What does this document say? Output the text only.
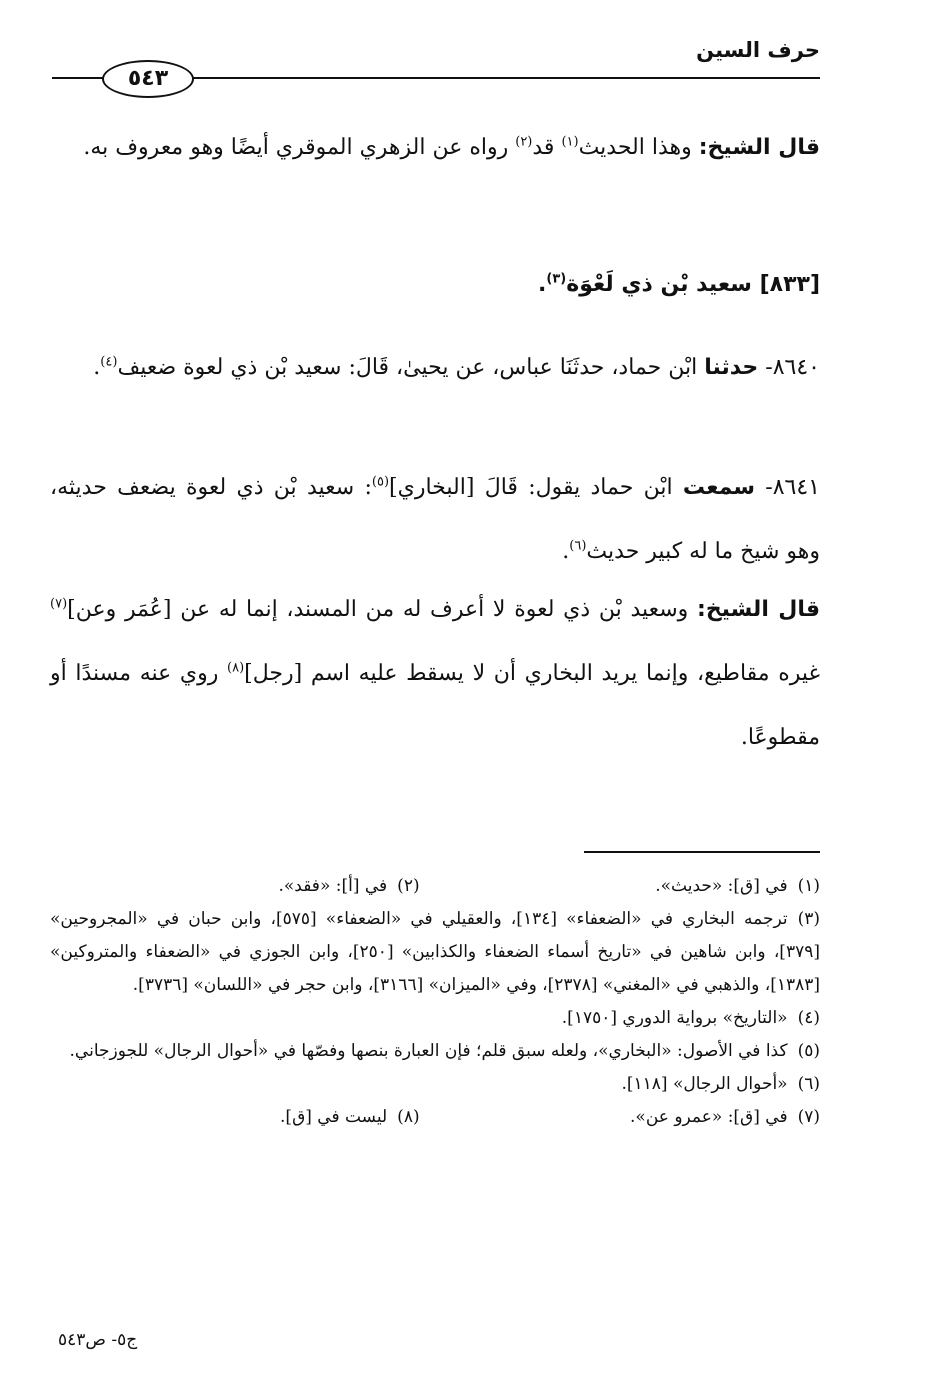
حرف السين
٥٤٣
قال الشيخ: وهذا الحديث$^{(١)}$ قد$^{(٢)}$ رواه عن الزهري الموقري أيضًا وهو معروف به.
[٨٣٣] سعيد بْن ذي لَعْوَة$^{(٣)}$.
٨٦٤٠- حدثنا ابْن حماد، حدثَنَا عباس، عن يحيىٰ، قَالَ: سعيد بْن ذي لعوة ضعيف$^{(٤)}$.
٨٦٤١- سمعت ابْن حماد يقول: قَالَ [البخاري]$^{(٥)}$: سعيد بْن ذي لعوة يضعف حديثه، وهو شيخ ما له كبير حديث$^{(٦)}$.
قال الشيخ: وسعيد بْن ذي لعوة لا أعرف له من المسند، إنما له عن [عُمَر وعن]$^{(٧)}$ غيره مقاطيع، وإنما يريد البخاري أن لا يسقط عليه اسم [رجل]$^{(٨)}$ روي عنه مسندًا أو مقطوعًا.
(١)في [ق]: «حديث».
(٢)في [أ]: «فقد».
(٣)ترجمه البخاري في «الضعفاء» [١٣٤]، والعقيلي في «الضعفاء» [٥٧٥]، وابن حبان في «المجروحين» [٣٧٩]، وابن شاهين في «تاريخ أسماء الضعفاء والكذابين» [٢٥٠]، وابن الجوزي في «الضعفاء والمتروكين» [١٣٨٣]، والذهبي في «المغني» [٢٣٧٨]، وفي «الميزان» [٣١٦٦]، وابن حجر في «اللسان» [٣٧٣٦].
(٤)«التاريخ» برواية الدوري [١٧٥٠].
(٥)كذا في الأصول: «البخاري»، ولعله سبق قلم؛ فإن العبارة بنصها وفصّها في «أحوال الرجال» للجوزجاني.
(٦)«أحوال الرجال» [١١٨].
(٧)في [ق]: «عمرو عن».
(٨)ليست في [ق].
ج٥- ص٥٤٣
